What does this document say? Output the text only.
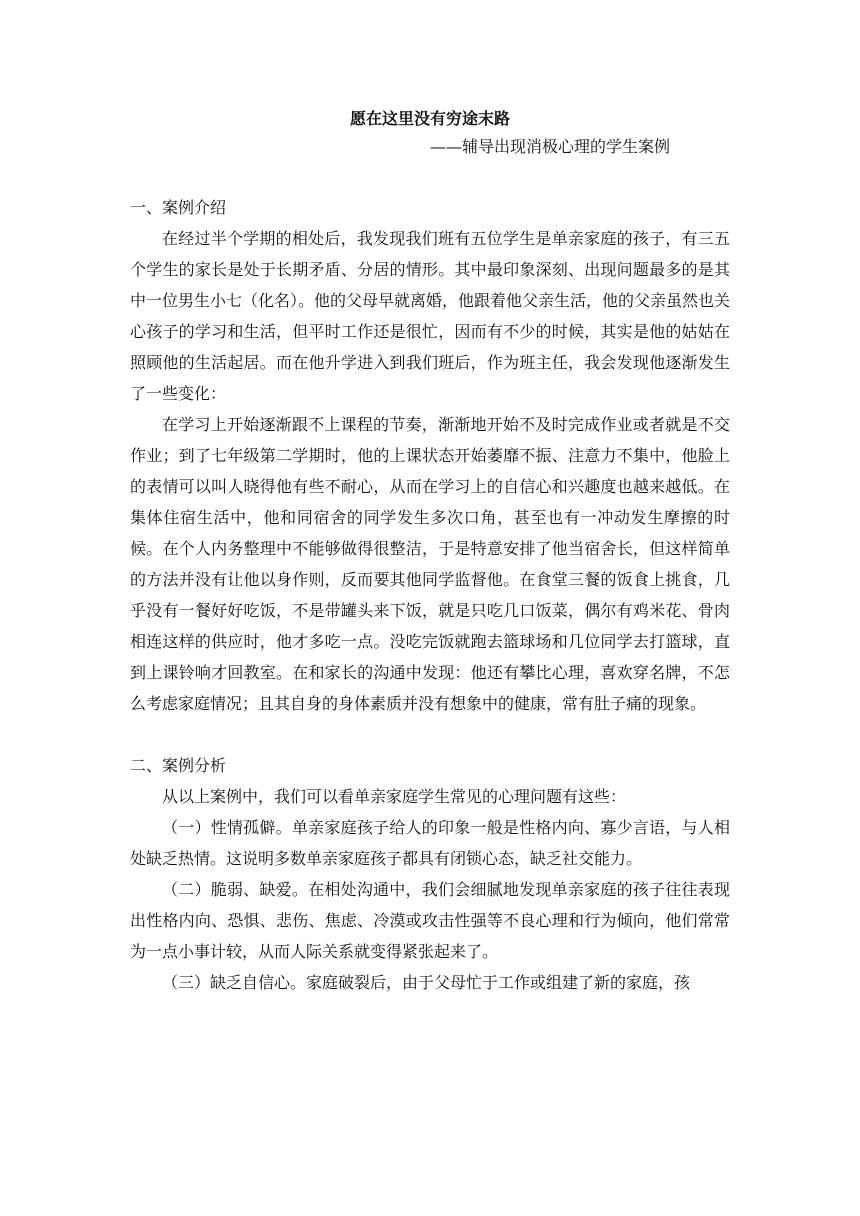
愿在这里没有穷途末路

——辅导出现消极心理的学生案例

一、案例介绍

在经过半个学期的相处后，我发现我们班有五位学生是单亲家庭的孩子，有三五个学生的家长是处于长期矛盾、分居的情形。其中最印象深刻、出现问题最多的是其中一位男生小七（化名）。他的父母早就离婚，他跟着他父亲生活，他的父亲虽然也关心孩子的学习和生活，但平时工作还是很忙，因而有不少的时候，其实是他的姑姑在照顾他的生活起居。而在他升学进入到我们班后，作为班主任，我会发现他逐渐发生了一些变化：

在学习上开始逐渐跟不上课程的节奏，渐渐地开始不及时完成作业或者就是不交作业；到了七年级第二学期时，他的上课状态开始萎靡不振、注意力不集中，他脸上的表情可以叫人晓得他有些不耐心，从而在学习上的自信心和兴趣度也越来越低。在集体住宿生活中，他和同宿舍的同学发生多次口角，甚至也有一冲动发生摩擦的时候。在个人内务整理中不能够做得很整洁，于是特意安排了他当宿舍长，但这样简单的方法并没有让他以身作则，反而要其他同学监督他。在食堂三餐的饭食上挑食，几乎没有一餐好好吃饭，不是带罐头来下饭，就是只吃几口饭菜，偶尔有鸡米花、骨肉相连这样的供应时，他才多吃一点。没吃完饭就跑去篮球场和几位同学去打篮球，直到上课铃响才回教室。在和家长的沟通中发现：他还有攀比心理，喜欢穿名牌，不怎么考虑家庭情况；且其自身的身体素质并没有想象中的健康，常有肚子痛的现象。

二、案例分析

从以上案例中，我们可以看单亲家庭学生常见的心理问题有这些：

（一）性情孤僻。单亲家庭孩子给人的印象一般是性格内向、寡少言语，与人相处缺乏热情。这说明多数单亲家庭孩子都具有闭锁心态，缺乏社交能力。

（二）脆弱、缺爱。在相处沟通中，我们会细腻地发现单亲家庭的孩子往往表现出性格内向、恐惧、悲伤、焦虑、冷漠或攻击性强等不良心理和行为倾向，他们常常为一点小事计较，从而人际关系就变得紧张起来了。

（三）缺乏自信心。家庭破裂后，由于父母忙于工作或组建了新的家庭，孩
